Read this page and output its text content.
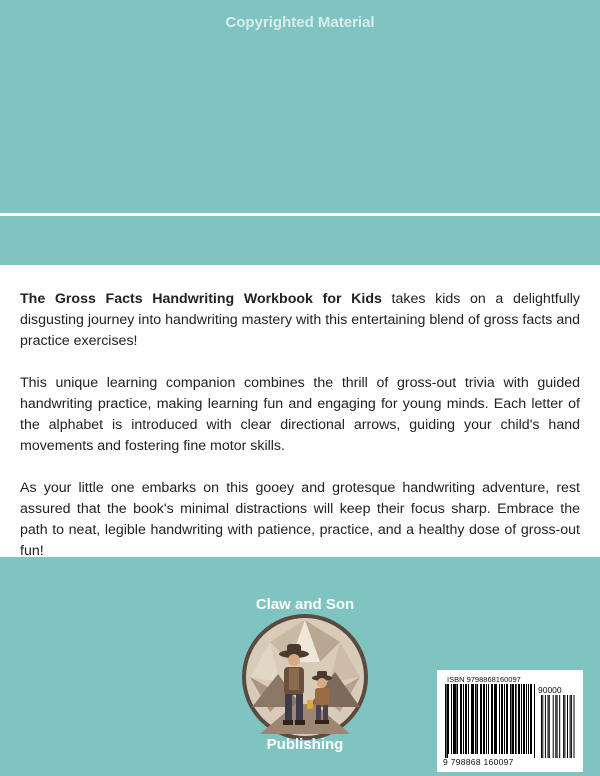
Copyrighted Material

The Gross Facts Handwriting Workbook for Kids takes kids on a delightfully disgusting journey into handwriting mastery with this entertaining blend of gross facts and practice exercises!

This unique learning companion combines the thrill of gross-out trivia with guided handwriting practice, making learning fun and engaging for young minds. Each letter of the alphabet is introduced with clear directional arrows, guiding your child's hand movements and fostering fine motor skills.

As your little one embarks on this gooey and grotesque handwriting adventure, rest assured that the book's minimal distractions will keep their focus sharp. Embrace the path to neat, legible handwriting with patience, practice, and a healthy dose of gross-out fun!

Claw and Son
Publishing
ISBN 9798868160097
90000
9 798868 160097
